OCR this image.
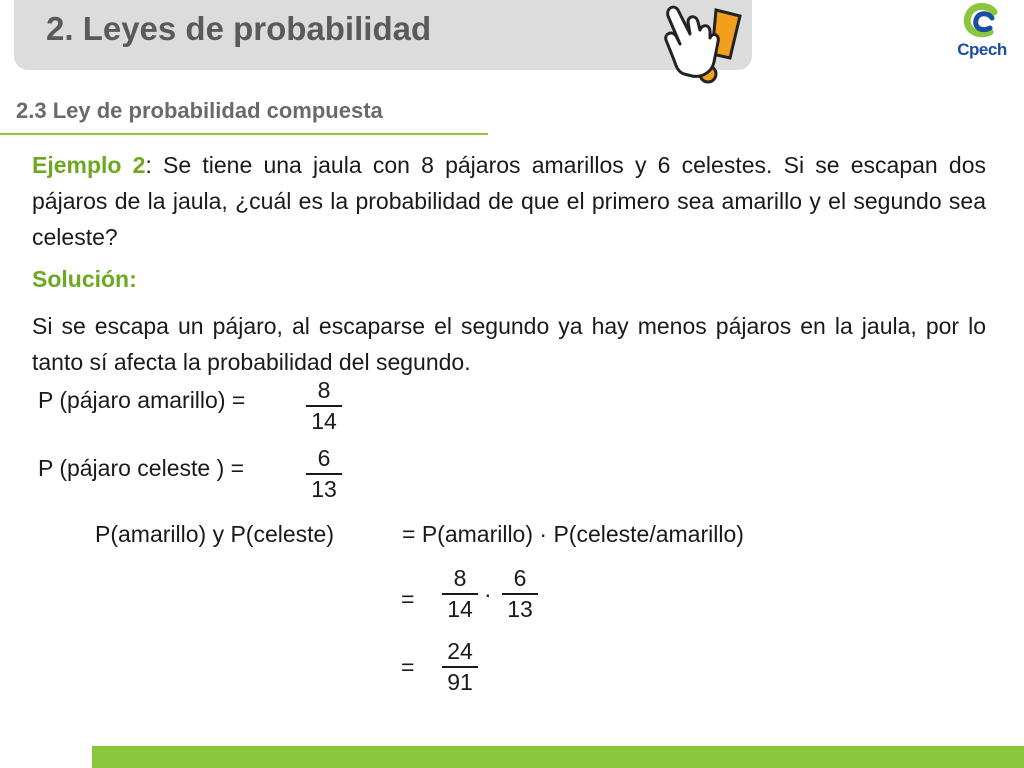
2. Leyes de probabilidad
Cpech
2.3 Ley de probabilidad compuesta
Ejemplo 2: Se tiene una jaula con 8 pájaros amarillos y 6 celestes. Si se escapan dos pájaros de la jaula, ¿cuál es la probabilidad de que el primero sea amarillo y el segundo sea celeste?
Solución:
Si se escapa un pájaro, al escaparse el segundo ya hay menos pájaros en la jaula, por lo tanto sí afecta la probabilidad del segundo.
P (pájaro amarillo) =	8
14
P (pájaro celeste ) =	6
13
P(amarillo) y P(celeste)	= P(amarillo) · P(celeste/amarillo)
=
8
14
·
6
13
=
24
91
